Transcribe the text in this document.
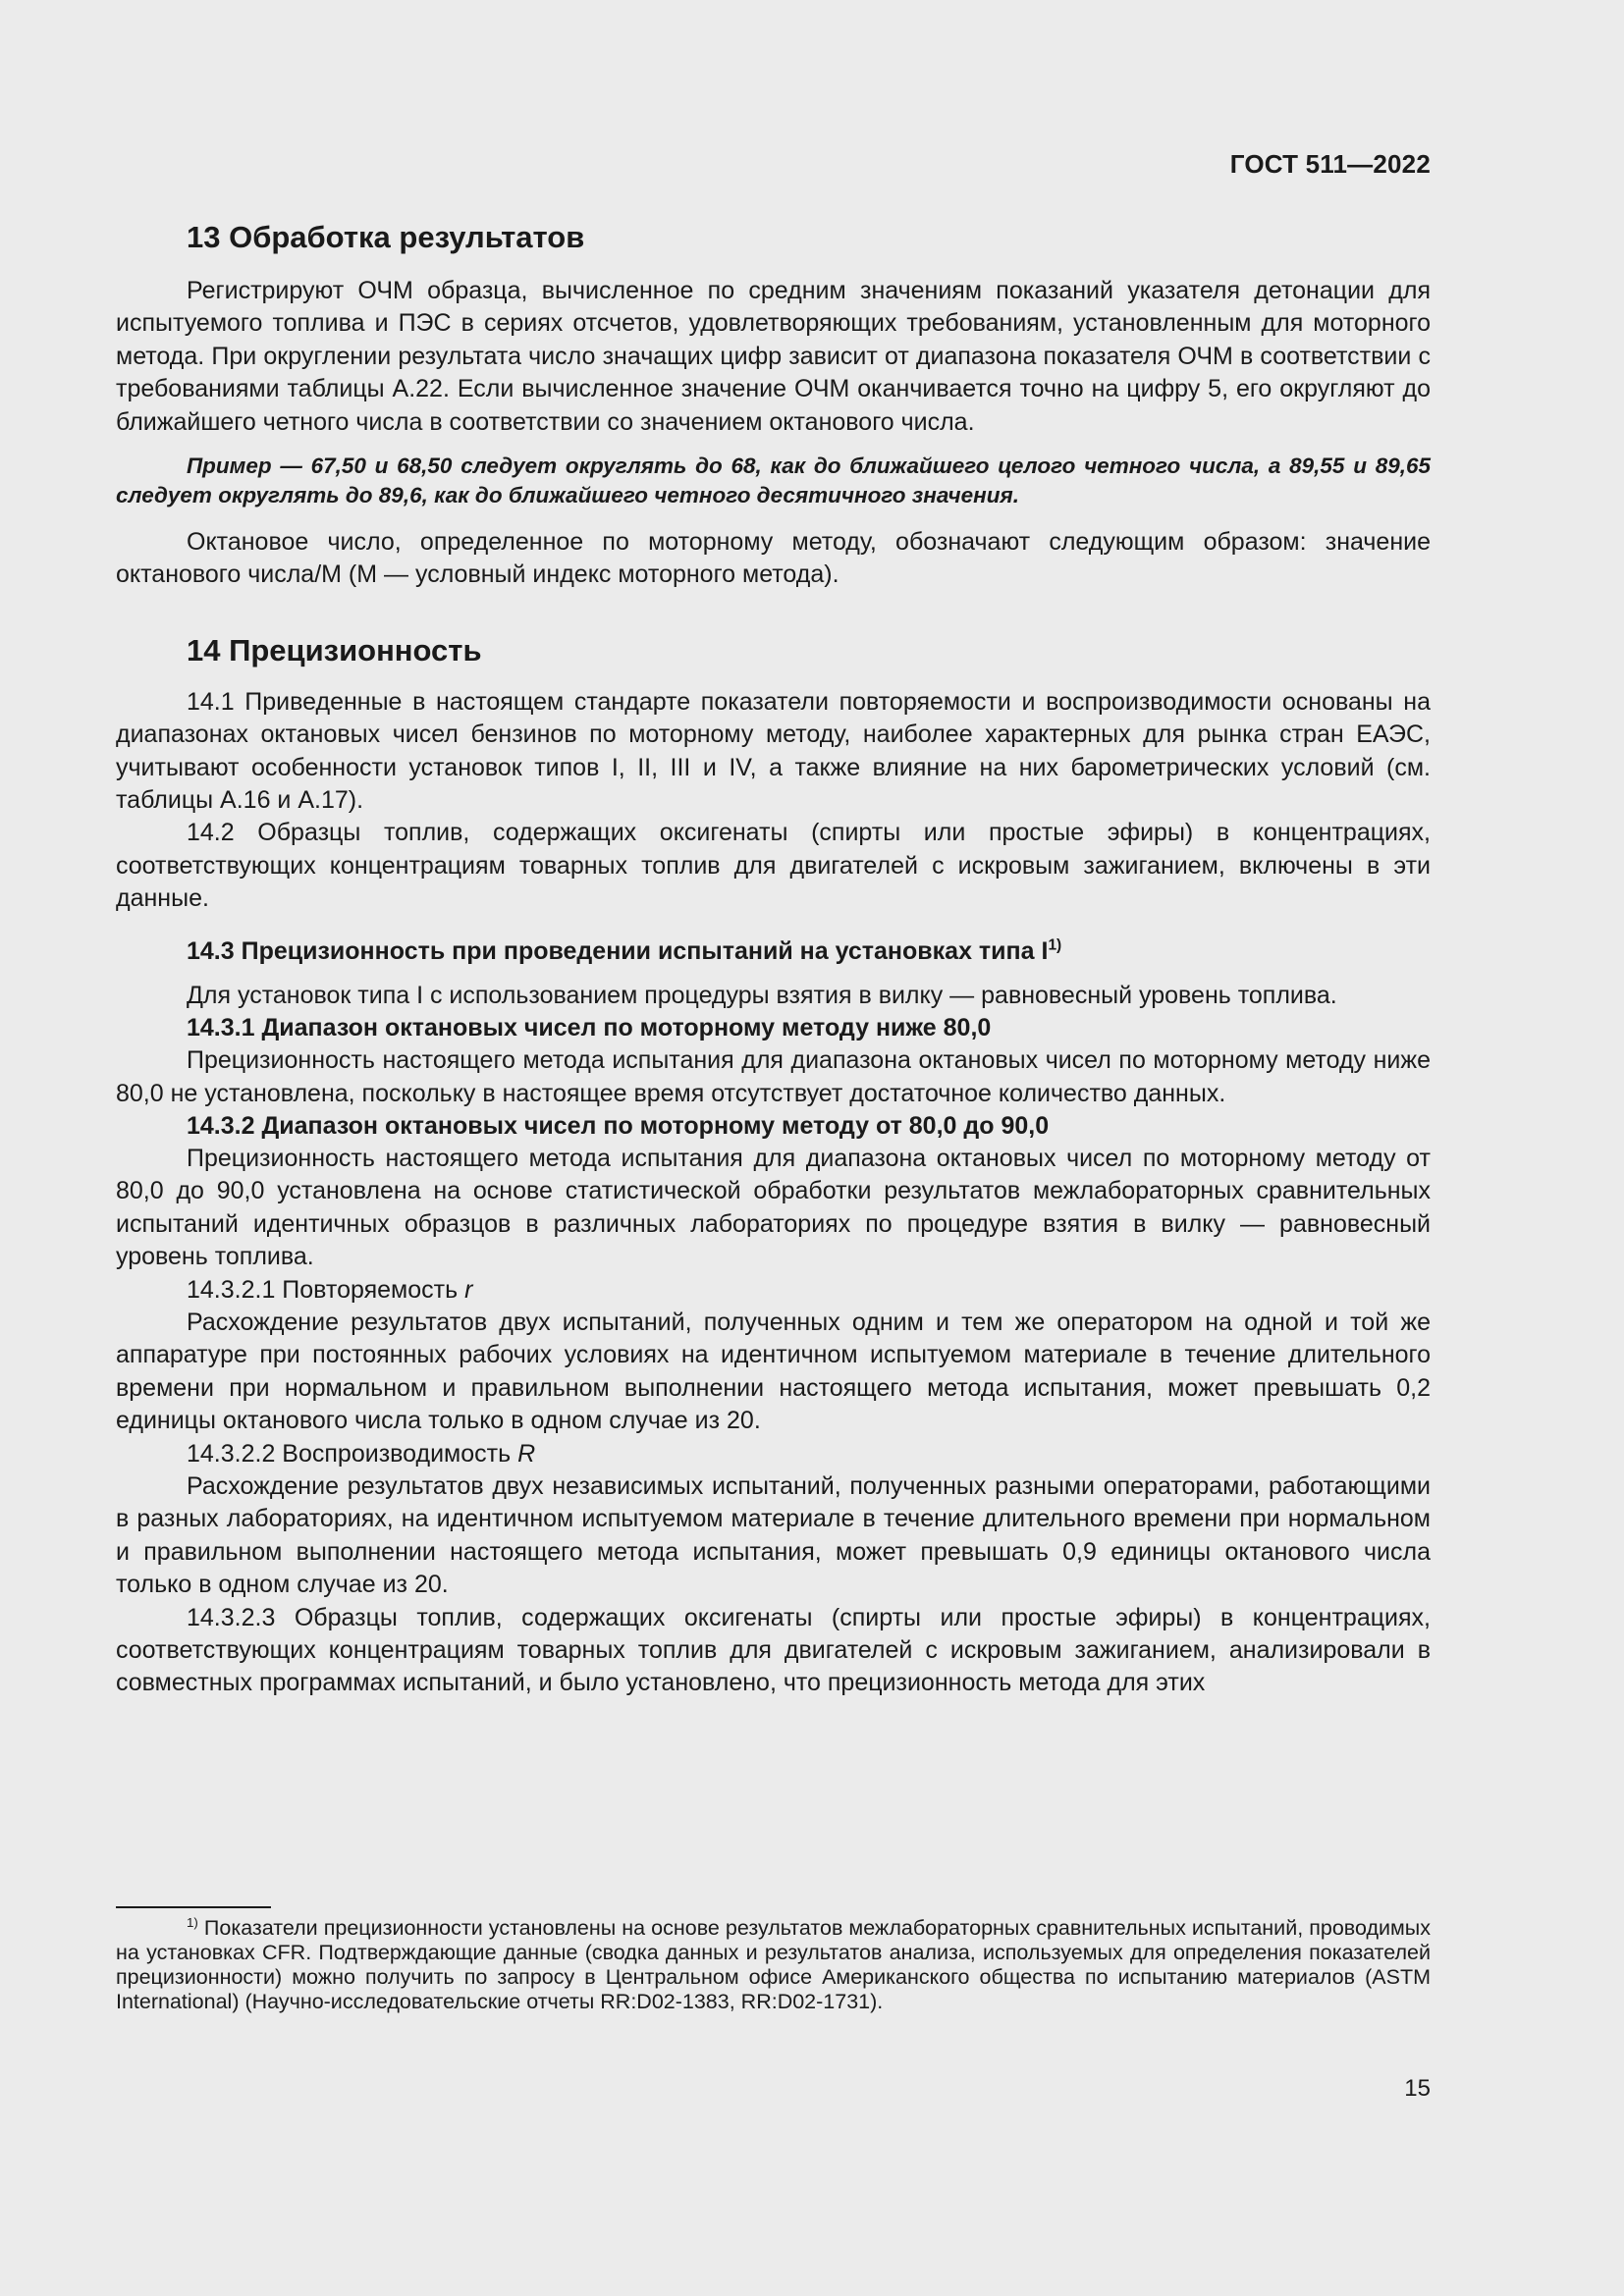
ГОСТ 511—2022
13 Обработка результатов

Регистрируют ОЧМ образца, вычисленное по средним значениям показаний указателя детонации для испытуемого топлива и ПЭС в сериях отсчетов, удовлетворяющих требованиям, установленным для моторного метода. При округлении результата число значащих цифр зависит от диапазона показателя ОЧМ в соответствии с требованиями таблицы А.22. Если вычисленное значение ОЧМ оканчивается точно на цифру 5, его округляют до ближайшего четного числа в соответствии со значением октанового числа.

Пример — 67,50 и 68,50 следует округлять до 68, как до ближайшего целого четного числа, а 89,55 и 89,65 следует округлять до 89,6, как до ближайшего четного десятичного значения.

Октановое число, определенное по моторному методу, обозначают следующим образом: значение октанового числа/М (М — условный индекс моторного метода).

14 Прецизионность

14.1 Приведенные в настоящем стандарте показатели повторяемости и воспроизводимости основаны на диапазонах октановых чисел бензинов по моторному методу, наиболее характерных для рынка стран ЕАЭС, учитывают особенности установок типов I, II, III и IV, а также влияние на них барометрических условий (см. таблицы А.16 и А.17).

14.2 Образцы топлив, содержащих оксигенаты (спирты или простые эфиры) в концентрациях, соответствующих концентрациям товарных топлив для двигателей с искровым зажиганием, включены в эти данные.

14.3 Прецизионность при проведении испытаний на установках типа $I^{1)}$

Для установок типа I с использованием процедуры взятия в вилку — равновесный уровень топлива.

14.3.1 Диапазон октановых чисел по моторному методу ниже 80,0

Прецизионность настоящего метода испытания для диапазона октановых чисел по моторному методу ниже 80,0 не установлена, поскольку в настоящее время отсутствует достаточное количество данных.

14.3.2 Диапазон октановых чисел по моторному методу от 80,0 до 90,0

Прецизионность настоящего метода испытания для диапазона октановых чисел по моторному методу от 80,0 до 90,0 установлена на основе статистической обработки результатов межлабораторных сравнительных испытаний идентичных образцов в различных лабораториях по процедуре взятия в вилку — равновесный уровень топлива.

14.3.2.1 Повторяемость r

Расхождение результатов двух испытаний, полученных одним и тем же оператором на одной и той же аппаратуре при постоянных рабочих условиях на идентичном испытуемом материале в течение длительного времени при нормальном и правильном выполнении настоящего метода испытания, может превышать 0,2 единицы октанового числа только в одном случае из 20.

14.3.2.2 Воспроизводимость R

Расхождение результатов двух независимых испытаний, полученных разными операторами, работающими в разных лабораториях, на идентичном испытуемом материале в течение длительного времени при нормальном и правильном выполнении настоящего метода испытания, может превышать 0,9 единицы октанового числа только в одном случае из 20.

14.3.2.3 Образцы топлив, содержащих оксигенаты (спирты или простые эфиры) в концентрациях, соответствующих концентрациям товарных топлив для двигателей с искровым зажиганием, анализировали в совместных программах испытаний, и было установлено, что прецизионность метода для этих

$^{1)}$ Показатели прецизионности установлены на основе результатов межлабораторных сравнительных испытаний, проводимых на установках CFR. Подтверждающие данные (сводка данных и результатов анализа, используемых для определения показателей прецизионности) можно получить по запросу в Центральном офисе Американского общества по испытанию материалов (ASTM International) (Научно-исследовательские отчеты RR:D02-1383, RR:D02-1731).

15
